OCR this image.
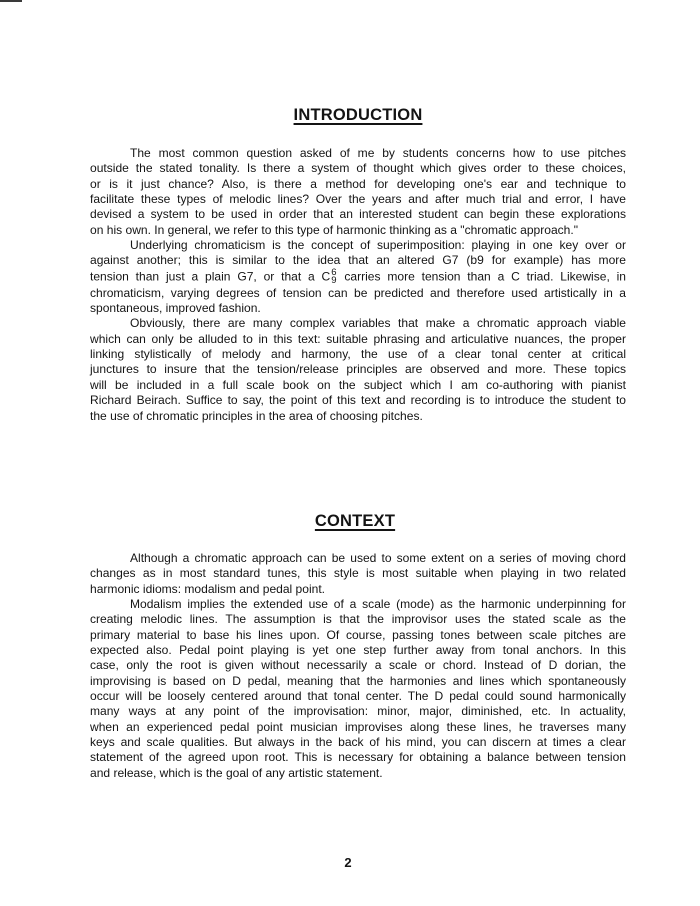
INTRODUCTION
The most common question asked of me by students concerns how to use pitches
outside the stated tonality. Is there a system of thought which gives order to these choices,
or is it just chance? Also, is there a method for developing one's ear and technique to
facilitate these types of melodic lines? Over the years and after much trial and error, I have
devised a system to be used in order that an interested student can begin these explorations
on his own. In general, we refer to this type of harmonic thinking as a "chromatic approach."
Underlying chromaticism is the concept of superimposition: playing in one key over or
against another; this is similar to the idea that an altered G7 (b9 for example) has more
tension than just a plain G7, or that a C 6
9 carries more tension than a C triad. Likewise, in
chromaticism, varying degrees of tension can be predicted and therefore used artistically in a
spontaneous, improved fashion.
Obviously, there are many complex variables that make a chromatic approach viable
which can only be alluded to in this text: suitable phrasing and articulative nuances, the proper
linking stylistically of melody and harmony, the use of a clear tonal center at critical
junctures to insure that the tension/release principles are observed and more. These topics
will be included in a full scale book on the subject which I am co-authoring with pianist
Richard Beirach. Suffice to say, the point of this text and recording is to introduce the student to
the use of chromatic principles in the area of choosing pitches.
CONTEXT
Although a chromatic approach can be used to some extent on a series of moving chord
changes as in most standard tunes, this style is most suitable when playing in two related
harmonic idioms: modalism and pedal point.
Modalism implies the extended use of a scale (mode) as the harmonic underpinning for
creating melodic lines. The assumption is that the improvisor uses the stated scale as the
primary material to base his lines upon. Of course, passing tones between scale pitches are
expected also. Pedal point playing is yet one step further away from tonal anchors. In this
case, only the root is given without necessarily a scale or chord. Instead of D dorian, the
improvising is based on D pedal, meaning that the harmonies and lines which spontaneously
occur will be loosely centered around that tonal center. The D pedal could sound harmonically
many ways at any point of the improvisation: minor, major, diminished, etc. In actuality,
when an experienced pedal point musician improvises along these lines, he traverses many
keys and scale qualities. But always in the back of his mind, you can discern at times a clear
statement of the agreed upon root. This is necessary for obtaining a balance between tension
and release, which is the goal of any artistic statement.
2
